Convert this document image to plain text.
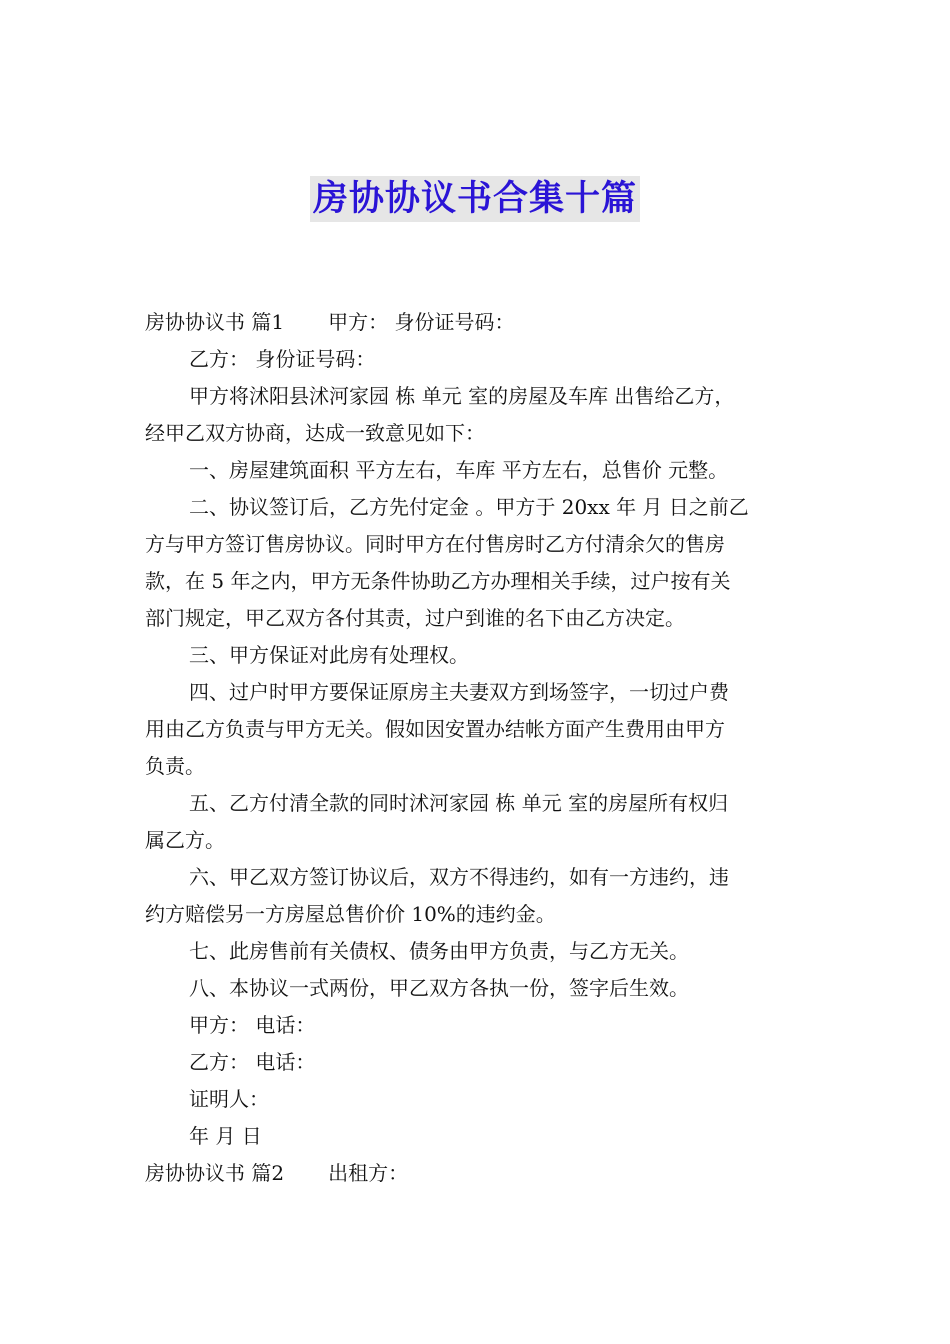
房协协议书合集十篇

房协协议书 篇1 甲方： 身份证号码：

乙方： 身份证号码：

甲方将沭阳县沭河家园 栋 单元 室的房屋及车库 出售给乙方，

经甲乙双方协商，达成一致意见如下：

一、房屋建筑面积 平方左右，车库 平方左右，总售价 元整。

二、协议签订后，乙方先付定金 。甲方于 20xx 年 月 日之前乙

方与甲方签订售房协议。同时甲方在付售房时乙方付清余欠的售房

款，在 5 年之内，甲方无条件协助乙方办理相关手续，过户按有关

部门规定，甲乙双方各付其责，过户到谁的名下由乙方决定。

三、甲方保证对此房有处理权。

四、过户时甲方要保证原房主夫妻双方到场签字，一切过户费

用由乙方负责与甲方无关。假如因安置办结帐方面产生费用由甲方

负责。

五、乙方付清全款的同时沭河家园 栋 单元 室的房屋所有权归

属乙方。

六、甲乙双方签订协议后，双方不得违约，如有一方违约，违

约方赔偿另一方房屋总售价价 10%的违约金。

七、此房售前有关债权、债务由甲方负责，与乙方无关。

八、本协议一式两份，甲乙双方各执一份，签字后生效。

甲方： 电话：

乙方： 电话：

证明人：

年 月 日

房协协议书 篇2 出租方：
